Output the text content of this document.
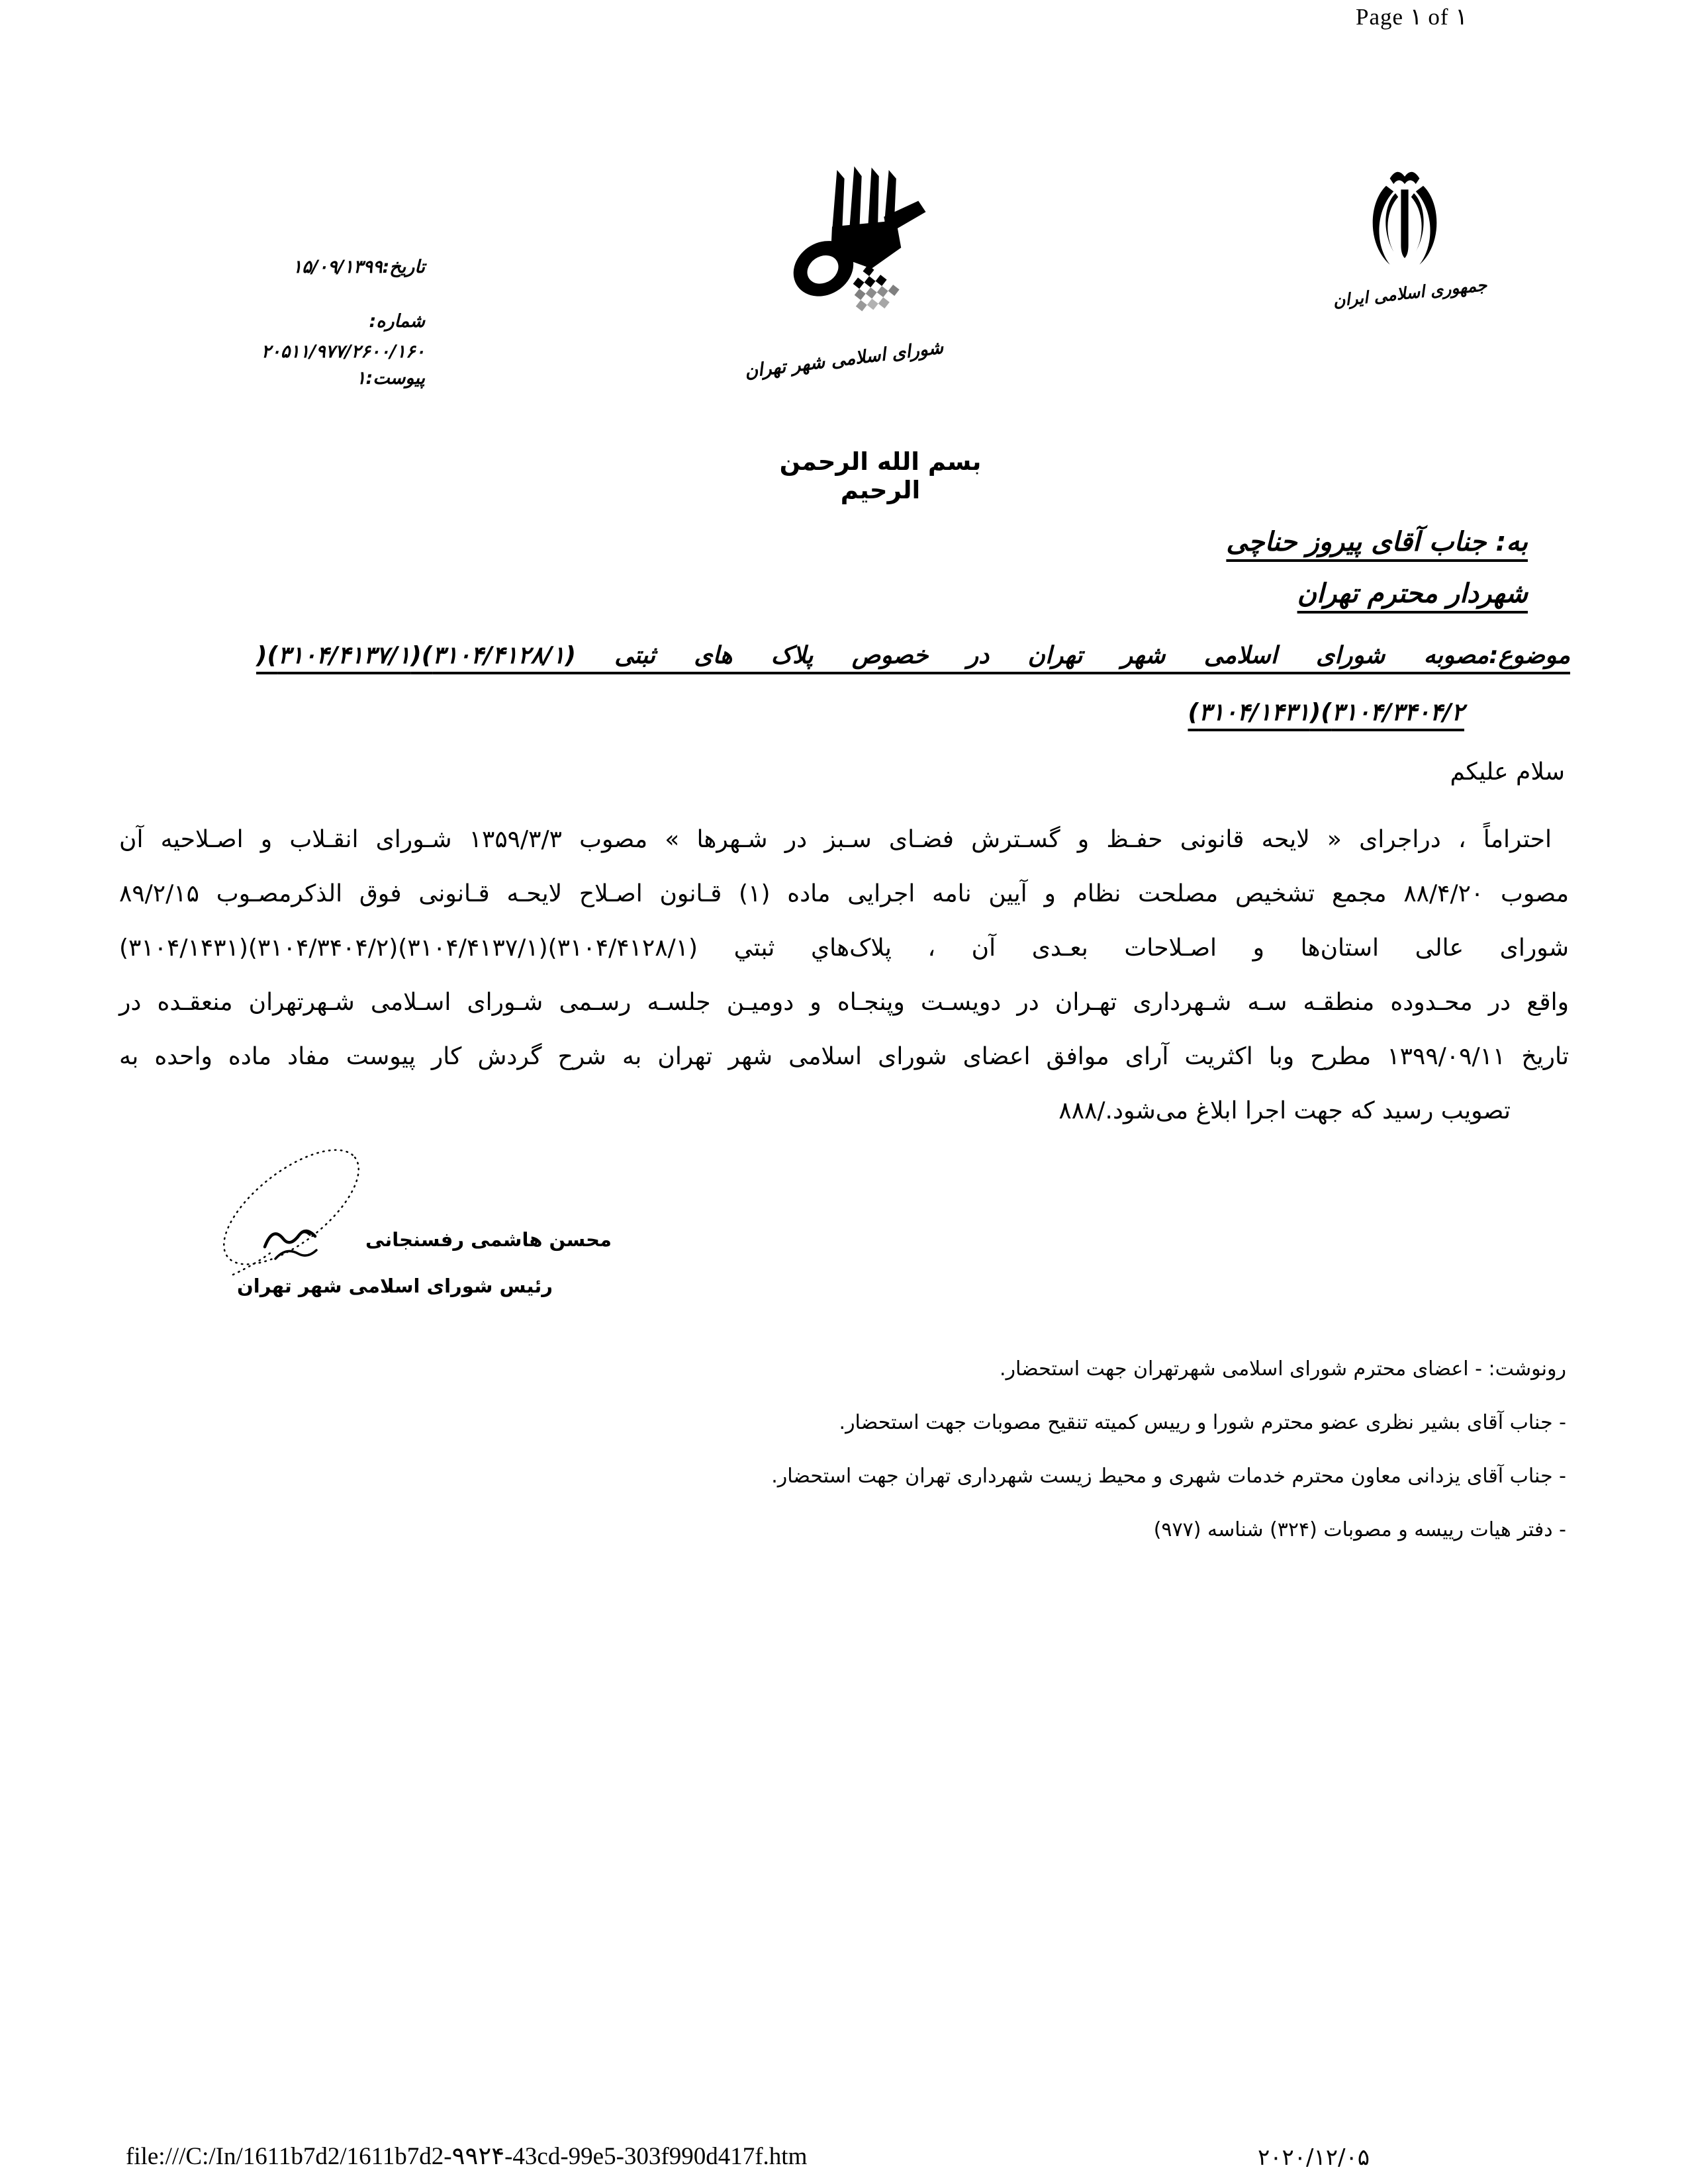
Page ۱ of ۱
جمهوری اسلامی ایران
شورای اسلامی شهر تهران
تاریخ:۱۵/۰۹/۱۳۹۹
شماره:
۲۰۵۱۱/۹۷۷/۲۶۰۰/۱۶۰
پیوست:۱
بسم الله الرحمن الرحیم
به: جناب آقای پیروز حناچی
شهردار محترم تهران
موضوع:مصوبه شورای اسلامی شهر تهران در خصوص پلاک های ثبتی (۳۱۰۴/۴۱۲۸/۱)(۳۱۰۴/۴۱۳۷/۱)(
۳۱۰۴/۳۴۰۴/۲)(۳۱۰۴/۱۴۳۱)
سلام علیکم
احتراماً ، دراجرای « لایحه قانونی حفـظ و گسـترش فضـای سـبز در شـهرها » مصوب ۱۳۵۹/۳/۳ شـورای انقـلاب و اصـلاحیه آن
مصوب ۸۸/۴/۲۰ مجمع تشخیص مصلحت نظام و آیین نامه اجرایی ماده (۱) قـانون اصـلاح لایحـه قـانونی فوق الذکرمصـوب ۸۹/۲/۱۵
شورای عالی استان‌ها و اصـلاحات بعـدی آن ، پلاک‌هاي ثبتي (۳۱۰۴/۴۱۲۸/۱)(۳۱۰۴/۴۱۳۷/۱)(۳۱۰۴/۳۴۰۴/۲)(۳۱۰۴/۱۴۳۱)
واقع در محـدوده منطقـه سـه شـهرداری تهـران در دویسـت وپنجـاه و دومیـن جلسـه رسـمی شـورای اسـلامی شـهرتهران منعقـده در
تاریخ ۱۳۹۹/۰۹/۱۱ مطرح وبا اکثریت آرای موافق اعضای شورای اسلامی شهر تهران به شرح گردش کار پیوست مفاد ماده واحده به
تصویب رسید که جهت اجرا ابلاغ می‌شود./۸۸۸
محسن هاشمی رفسنجانی
رئیس شورای اسلامی شهر تهران
رونوشت: - اعضای محترم شورای اسلامی شهرتهران جهت استحضار.
- جناب آقای بشیر نظری عضو محترم شورا و رییس کمیته تنقیح مصوبات جهت استحضار.
- جناب آقای یزدانی معاون محترم خدمات شهری و محیط زیست شهرداری تهران جهت استحضار.
- دفتر هیات رییسه و مصوبات (۳۲۴) شناسه (۹۷۷)
file:///C:/In/1611b7d2/1611b7d2-۹۹۲۴-43cd-99e5-303f990d417f.htm	۲۰۲۰/۱۲/۰۵
